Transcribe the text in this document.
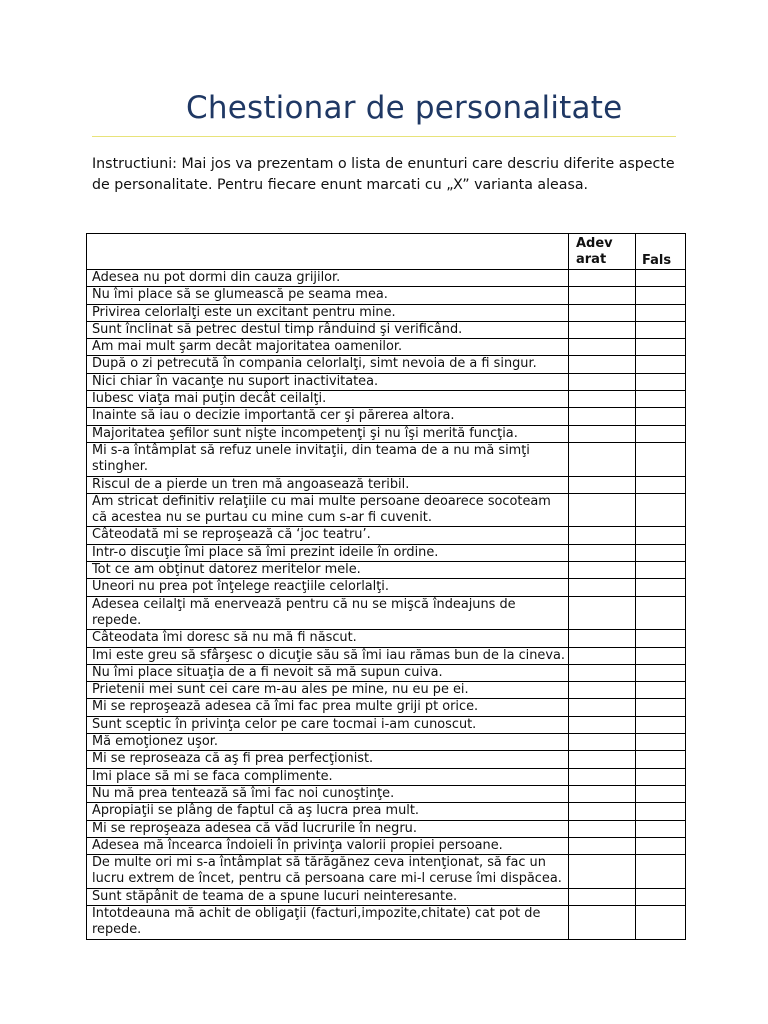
Chestionar de personalitate
Instructiuni: Mai jos va prezentam o lista de enunturi care descriu diferite aspecte de personalitate. Pentru fiecare enunt marcati cu „X” varianta aleasa.

	Adev arat	Fals
Adesea nu pot dormi din cauza grijilor.		
Nu îmi place să se glumească pe seama mea.		
Privirea celorlalţi este un excitant pentru mine.		
Sunt înclinat să petrec destul timp rânduind şi verificând.		
Am mai mult şarm decât majoritatea oamenilor.		
După o zi petrecută în compania celorlalţi, simt nevoia de a fi singur.		
Nici chiar în vacanţe nu suport inactivitatea.		
Iubesc viaţa mai puţin decât ceilalţi.		
Inainte să iau o decizie importantă cer şi părerea altora.		
Majoritatea şefilor sunt nişte incompetenţi şi nu îşi merită funcţia.		
Mi s-a întâmplat să refuz unele invitaţii, din teama de a nu mă simţi stingher.		
Riscul de a pierde un tren mă angoasează teribil.		
Am stricat definitiv relaţiile cu mai multe persoane deoarece socoteam că acestea nu se purtau cu mine cum s-ar fi cuvenit.		
Câteodată mi se reproşează că ‘joc teatru’.		
Intr-o discuţie îmi place să îmi prezint ideile în ordine.		
Tot ce am obţinut datorez meritelor mele.		
Uneori nu prea pot înţelege reacţiile celorlalţi.		
Adesea ceilalţi mă enervează pentru că nu se mişcă îndeajuns de repede.		
Câteodata îmi doresc să nu mă fi născut.		
Imi este greu să sfârşesc o dicuţie său să îmi iau rămas bun de la cineva.		
Nu îmi place situaţia de a fi nevoit să mă supun cuiva.		
Prietenii mei sunt cei care m-au ales pe mine, nu eu pe ei.		
Mi se reproşează adesea că îmi fac prea multe griji pt orice.		
Sunt sceptic în privinţa celor pe care tocmai i-am cunoscut.		
Mă emoţionez uşor.		
Mi se reproseaza că aş fi prea perfecţionist.		
Imi place să mi se faca complimente.		
Nu mă prea tentează să îmi fac noi cunoştinţe.		
Apropiaţii se plâng de faptul că aş lucra prea mult.		
Mi se reproşeaza adesea că văd lucrurile în negru.		
Adesea mă încearca îndoieli în privinţa valorii propiei persoane.		
De multe ori mi s-a întâmplat să tărăgănez ceva intenţionat, să fac un lucru extrem de încet, pentru că persoana care mi-l ceruse îmi dispăcea.		
Sunt stăpânit de teama de a spune lucuri neinteresante.		
Intotdeauna mă achit de obligaţii (facturi,impozite,chitate) cat pot de repede.		
